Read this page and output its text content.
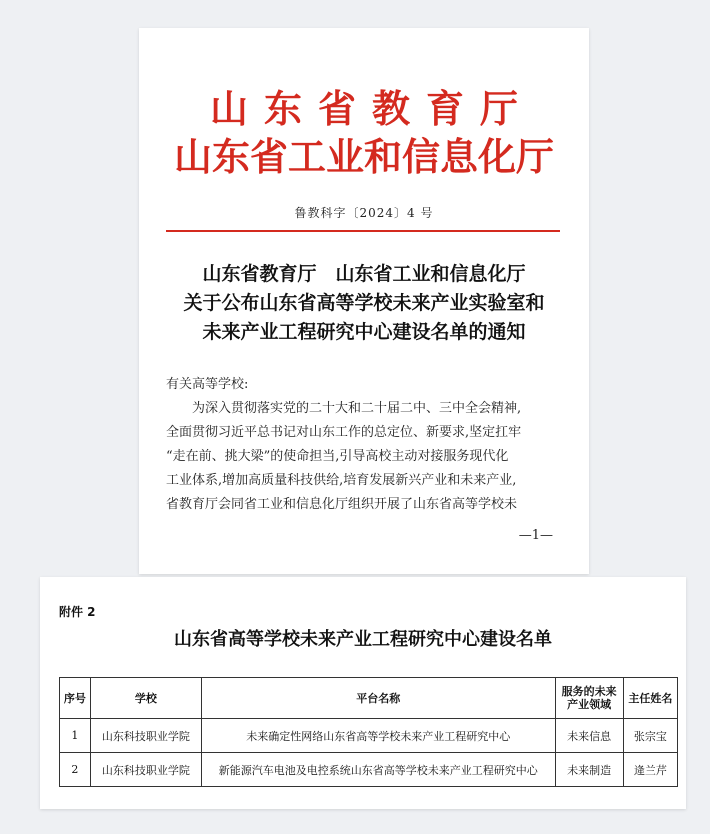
山东省教育厅
山东省工业和信息化厅
鲁教科字〔2024〕4 号
山东省教育厅　山东省工业和信息化厅
关于公布山东省高等学校未来产业实验室和
未来产业工程研究中心建设名单的通知
有关高等学校:
为深入贯彻落实党的二十大和二十届二中、三中全会精神,
全面贯彻习近平总书记对山东工作的总定位、新要求,坚定扛牢
“走在前、挑大梁”的使命担当,引导高校主动对接服务现代化
工业体系,增加高质量科技供给,培育发展新兴产业和未来产业,
省教育厅会同省工业和信息化厅组织开展了山东省高等学校未
—1—
附件 2
山东省高等学校未来产业工程研究中心建设名单
序号	学校	平台名称	服务的未来产业领域	主任姓名
1	山东科技职业学院	未来确定性网络山东省高等学校未来产业工程研究中心	未来信息	张宗宝
2	山东科技职业学院	新能源汽车电池及电控系统山东省高等学校未来产业工程研究中心	未来制造	逄兰芹
